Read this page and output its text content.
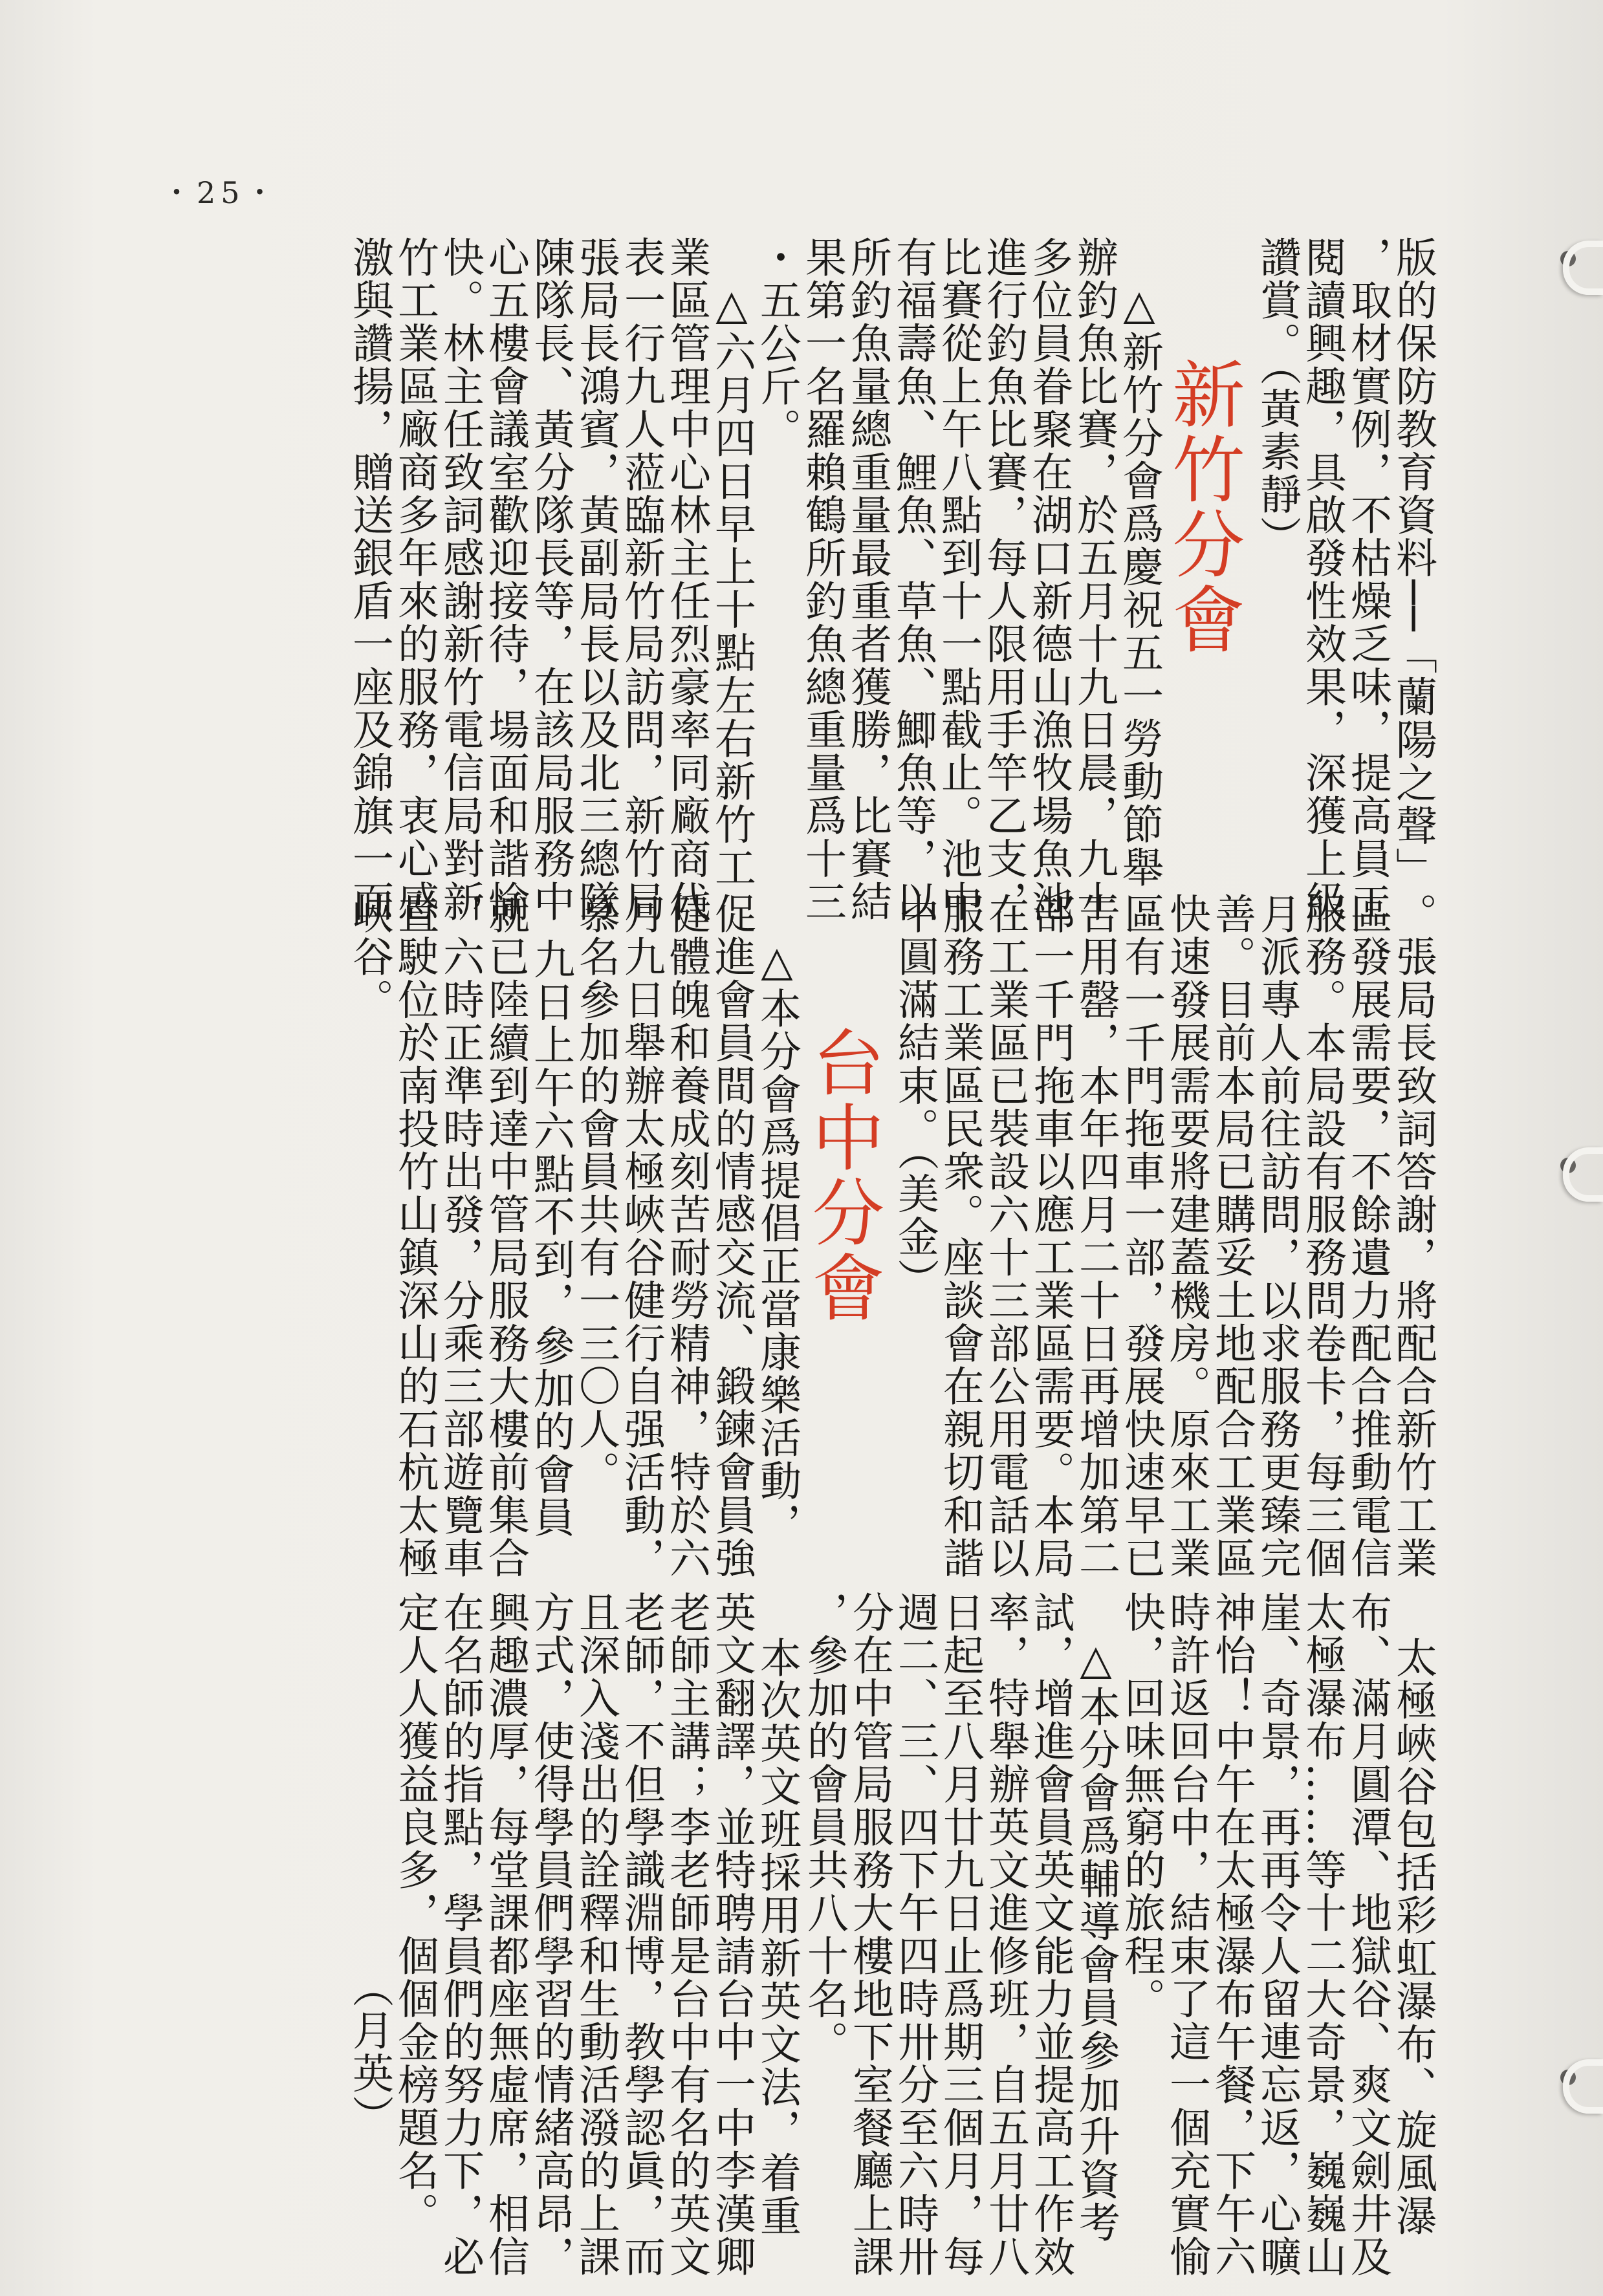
・25・
版的保防教育資料──「蘭陽之聲」
，取材實例，不枯燥乏味，提高員工
閱讀興趣，具啟發性效果，深獲上級
讚賞。（黃素靜）
新竹分會
△新竹分會爲慶祝五一勞動節舉
辦釣魚比賽，於五月十九日晨，九十
多位員眷聚在湖口新德山漁牧場魚池
進行釣魚比賽，每人限用手竿乙支，
比賽從上午八點到十一點截止。池中
有福壽魚、鯉魚、草魚、鯽魚等，以
所釣魚量總重量最重者獲勝，比賽結
果第一名羅賴鶴所釣魚總重量爲十三
・五公斤。
△六月四日早上十點左右新竹工
業區管理中心林主任烈豪率同廠商代
表一行九人蒞臨新竹局訪問，新竹局
張局長鴻賓，黃副局長以及北三總隊
陳隊長、黃分隊長等，在該局服務中
心五樓會議室歡迎接待，場面和諧愉
快。林主任致詞感謝新竹電信局對新
竹工業區廠商多年來的服務，衷心感
激與讚揚，贈送銀盾一座及錦旗一面
。張局長致詞答謝，將配合新竹工業
區發展需要，不餘遺力配合推動電信
服務。本局設有服務問卷卡，每三個
月派專人前往訪問，以求服務更臻完
善。目前本局已購妥土地配合工業區
快速發展需要將建蓋機房。原來工業
區有一千門拖車一部，發展快速早已
告用罄，本年四月二十日再增加第二
部一千門拖車以應工業區需要。本局
在工業區已裝設六十三部公用電話以
服務工業區民衆。座談會在親切和諧
中圓滿結束。（美金）
台中分會
△本分會爲提倡正當康樂活動，
促進會員間的情感交流、鍛鍊會員強
健體魄和養成刻苦耐勞精神，特於六
月九日舉辦太極峽谷健行自强活動，
慕名參加的會員共有一三〇人。
九日上午六點不到，參加的會員
就已陸續到達中管局服務大樓前集合
，六時正準時出發，分乘三部遊覽車
直駛位於南投竹山鎮深山的石杭太極
峽谷。
太極峽谷包括彩虹瀑布、旋風瀑
布、滿月圓潭、地獄谷、爽文劍井及
太極瀑布……等十二大奇景，巍巍山
崖、奇景，再再令人留連忘返，心曠
神怡！中午在太極瀑布午餐，下午六
時許返回台中，結束了這一個充實愉
快，回味無窮的旅程。
△本分會爲輔導會員參加升資考
試，增進會員英文能力並提高工作效
率，特舉辦英文進修班，自五月廿八
日起至八月廿九日止爲期三個月，每
週二、三、四下午四時卅分至六時卅
分在中管局服務大樓地下室餐廳上課
，參加的會員共八十名。
本次英文班採用新英文法，着重
英文翻譯，並特聘請台中一中李漢卿
老師主講；李老師是台中有名的英文
老師，不但學識淵博，教學認眞，而
且深入淺出的詮釋和生動活潑的上課
方式，使得學員們學習的情緒高昂，
興趣濃厚，每堂課都座無虛席，相信
在名師的指點，學員們的努力下，必
定人人獲益良多，個個金榜題名。
（月英）
